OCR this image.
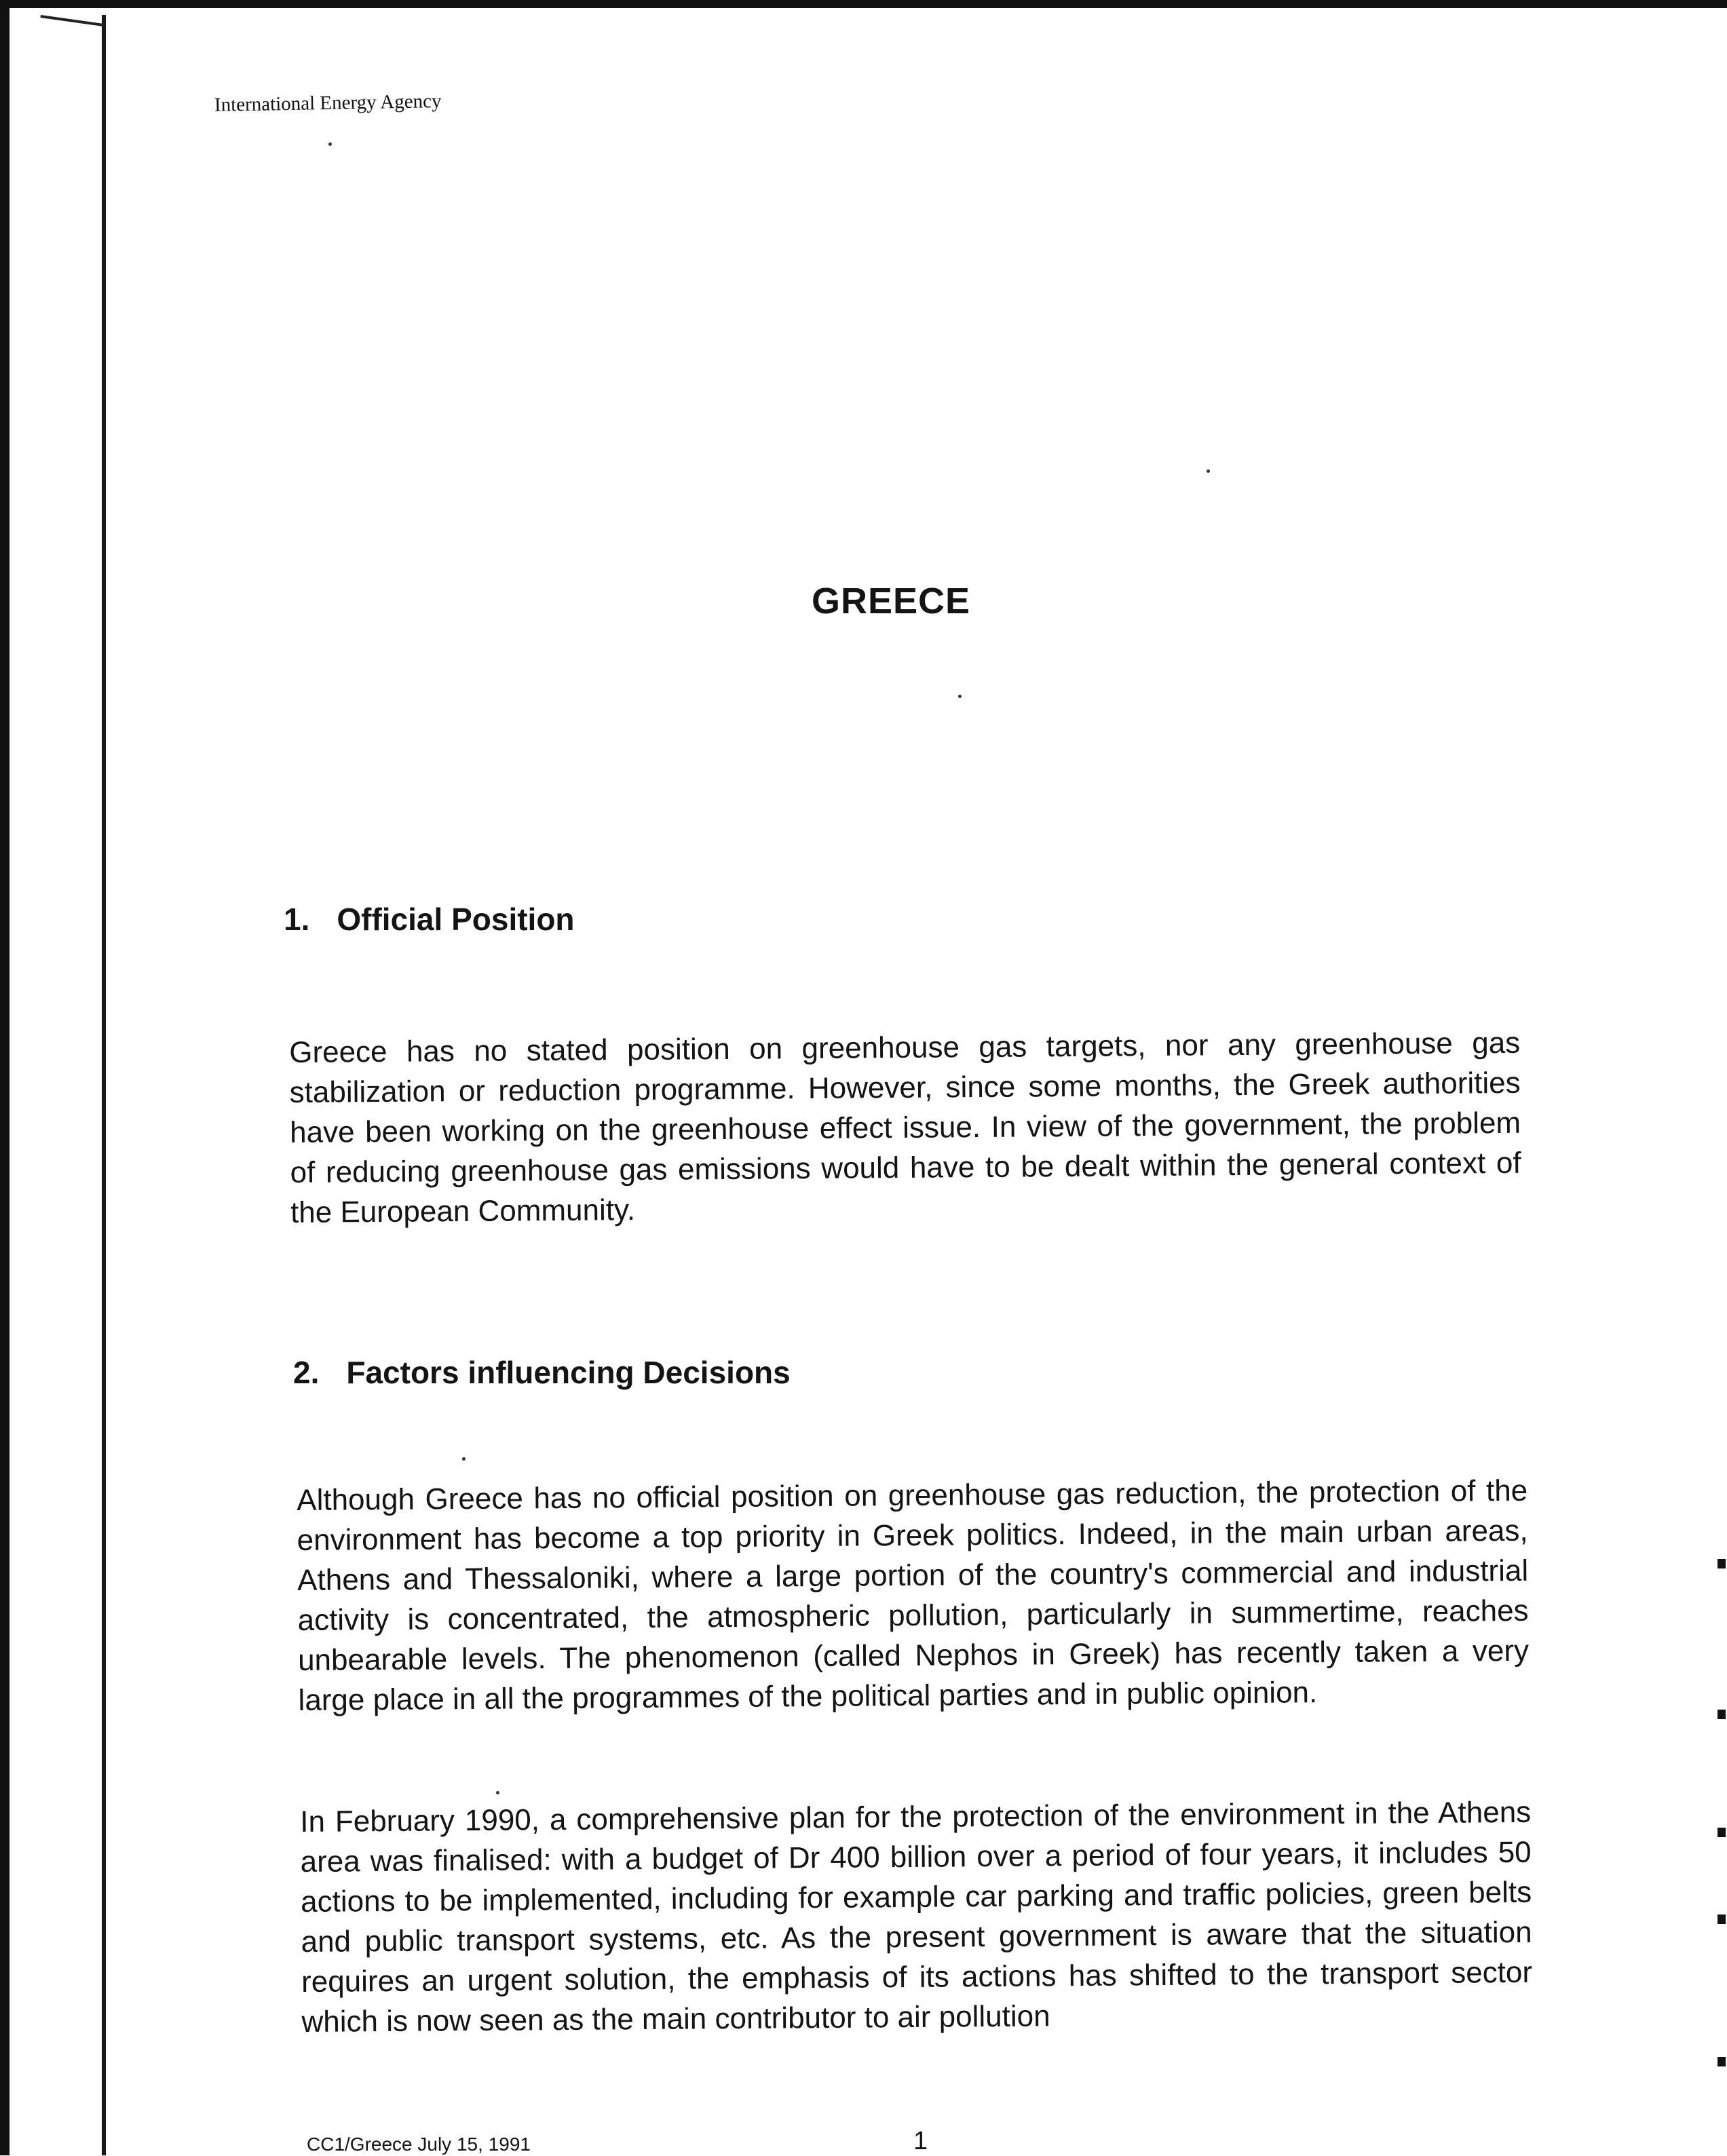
International Energy Agency
GREECE
1. Official Position

Greece has no stated position on greenhouse gas targets, nor any greenhouse gas stabilization or reduction programme. However, since some months, the Greek authorities have been working on the greenhouse effect issue. In view of the government, the problem of reducing greenhouse gas emissions would have to be dealt within the general context of the European Community.

2. Factors influencing Decisions

Although Greece has no official position on greenhouse gas reduction, the protection of the environment has become a top priority in Greek politics. Indeed, in the main urban areas, Athens and Thessaloniki, where a large portion of the country's commercial and industrial activity is concentrated, the atmospheric pollution, particularly in summertime, reaches unbearable levels. The phenomenon (called Nephos in Greek) has recently taken a very large place in all the programmes of the political parties and in public opinion.

In February 1990, a comprehensive plan for the protection of the environment in the Athens area was finalised: with a budget of Dr 400 billion over a period of four years, it includes 50 actions to be implemented, including for example car parking and traffic policies, green belts and public transport systems, etc. As the present government is aware that the situation requires an urgent solution, the emphasis of its actions has shifted to the transport sector which is now seen as the main contributor to air pollution

CC1/Greece July 15, 1991	1
